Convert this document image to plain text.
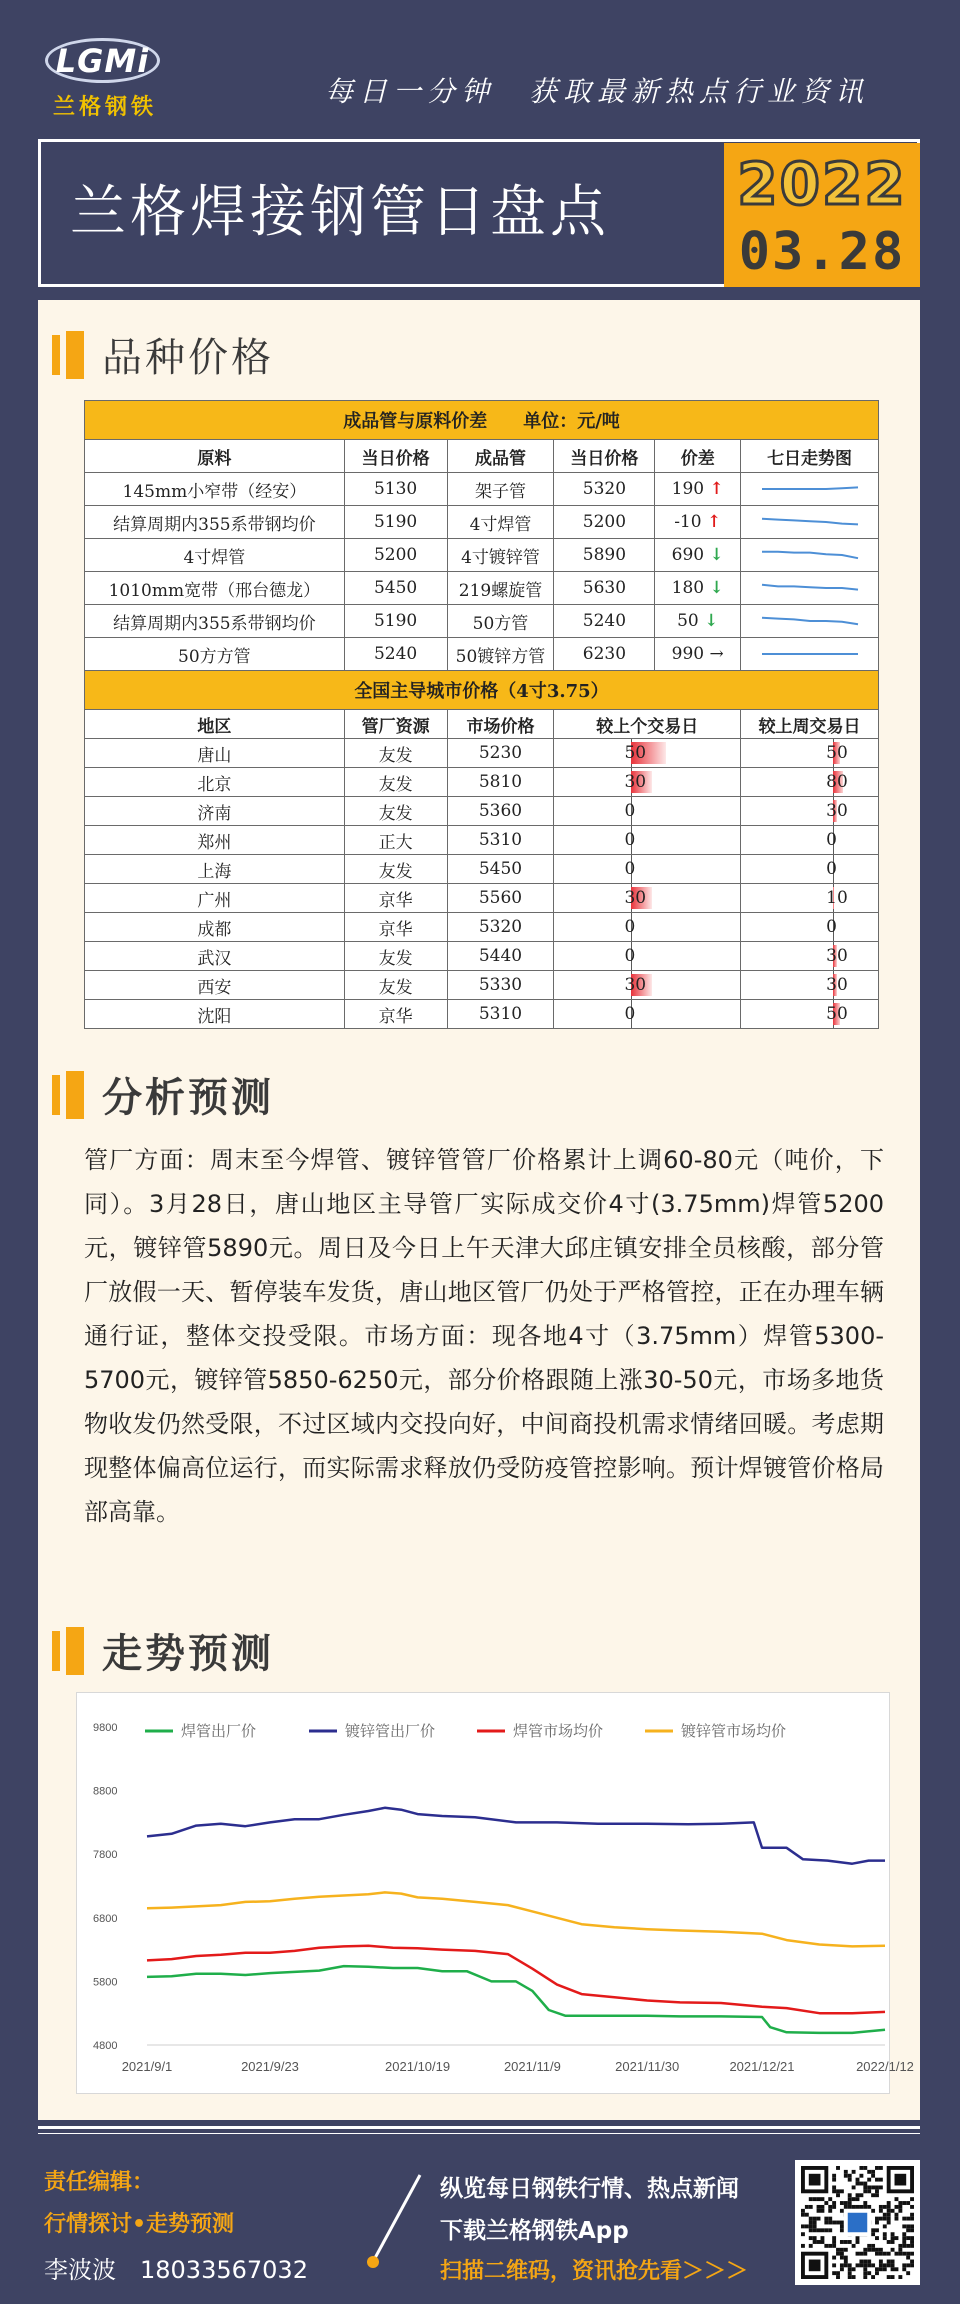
LGMi
兰格钢铁	每日一分钟　获取最新热点行业资讯
兰格焊接钢管日盘点 2022
03.28
品种价格
成品管与原料价差　　单位：元/吨					
原料	当日价格	成品管	当日价格	价差	七日走势图
145mm小窄带（经安）	5130	架子管	5320	190 ↑	

结算周期内355系带钢均价	5190	4寸焊管	5200	-10 ↑	

4寸焊管	5200	4寸镀锌管	5890	690 ↓	

1010mm宽带（邢台德龙）	5450	219螺旋管	5630	180 ↓	

结算周期内355系带钢均价	5190	50方管	5240	50 ↓	

50方方管	5240	50镀锌方管	6230	990 →	

全国主导城市价格（4寸3.75）					
地区	管厂资源	市场价格	较上个交易日		较上周交易日
唐山	友发	5230	50		50

北京	友发	5810	30		80

济南	友发	5360	0		30

郑州	正大	5310	0		0

上海	友发	5450	0		0

广州	京华	5560	30		10

成都	京华	5320	0		0

武汉	友发	5440	0		30

西安	友发	5330	30		30

沈阳	京华	5310	0		50
分析预测
管厂方面：周末至今焊管、镀锌管管厂价格累计上调60-80元（吨价，下同）。3月28日，唐山地区主导管厂实际成交价4寸(3.75mm)焊管5200元，镀锌管5890元。周日及今日上午天津大邱庄镇安排全员核酸，部分管厂放假一天、暂停装车发货，唐山地区管厂仍处于严格管控，正在办理车辆通行证，整体交投受限。市场方面：现各地4寸（3.75mm）焊管5300-5700元，镀锌管5850-6250元，部分价格跟随上涨30-50元，市场多地货物收发仍然受限，不过区域内交投向好，中间商投机需求情绪回暖。考虑期现整体偏高位运行，而实际需求释放仍受防疫管控影响。预计焊镀管价格局部高靠。
走势预测
4800
5800
6800
7800
8800
9800
2021/9/1	2021/9/23	2021/10/19	2021/11/9	2021/11/30	2021/12/21	2022/1/12
焊管出厂价	镀锌管出厂价	焊管市场均价	镀锌管市场均价
责任编辑：
行情探讨•走势预测
李波波　18033567032
纵览每日钢铁行情、热点新闻
下载兰格钢铁App
扫描二维码，资讯抢先看＞＞＞
